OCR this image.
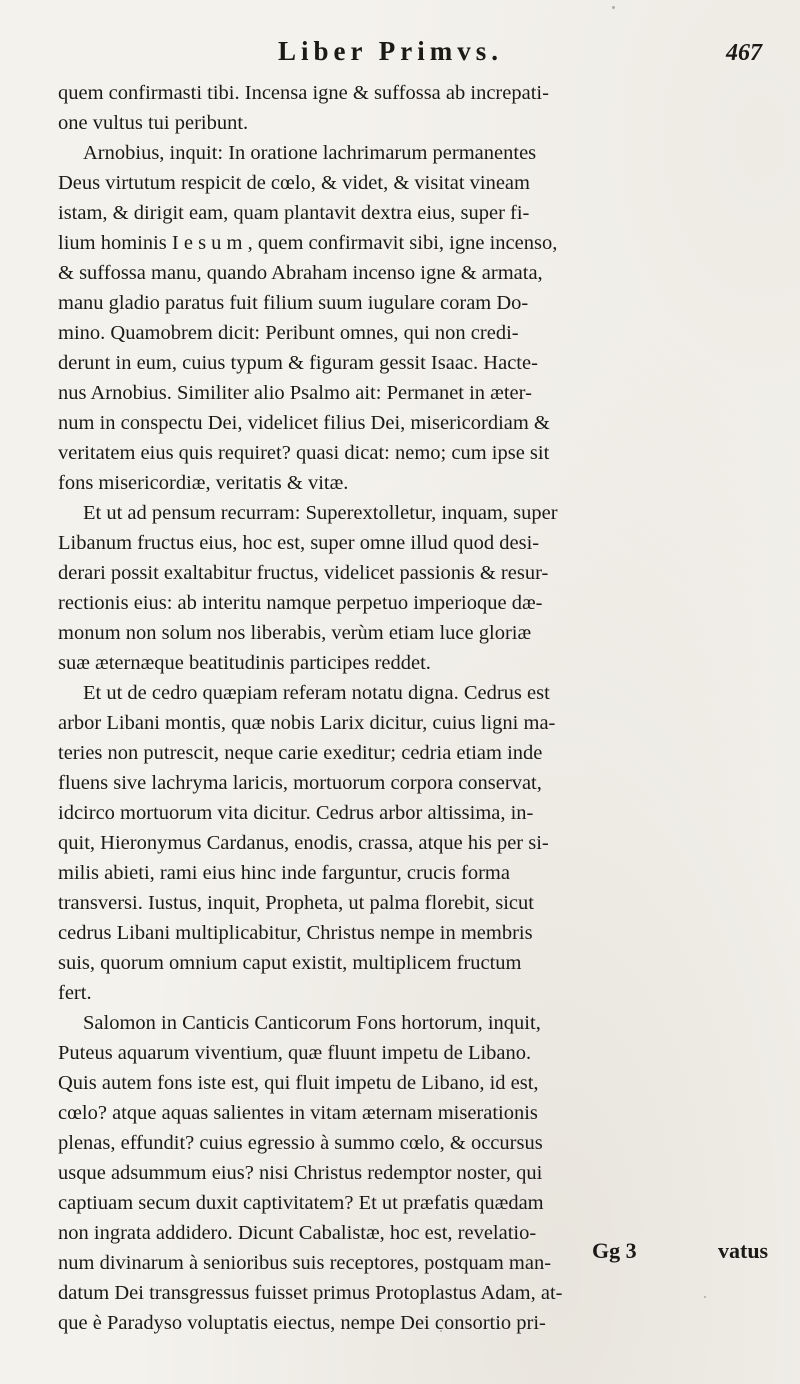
Liber Primvs.	467
quem confirmasti tibi. Incensa igne & suffossa ab increpati-
one vultus tui peribunt.
Arnobius, inquit: In oratione lachrimarum permanentes
Deus virtutum respicit de cœlo, & videt, & visitat vineam
istam, & dirigit eam, quam plantavit dextra eius, super fi-
lium hominis I e s u m , quem confirmavit sibi, igne incenso,
& suffossa manu, quando Abraham incenso igne & armata,
manu gladio paratus fuit filium suum iugulare coram Do-
mino. Quamobrem dicit: Peribunt omnes, qui non credi-
derunt in eum, cuius typum & figuram gessit Isaac. Hacte-
nus Arnobius. Similiter alio Psalmo ait: Permanet in æter-
num in conspectu Dei, videlicet filius Dei, misericordiam &
veritatem eius quis requiret? quasi dicat: nemo; cum ipse sit
fons misericordiæ, veritatis & vitæ.
Et ut ad pensum recurram: Superextolletur, inquam, super
Libanum fructus eius, hoc est, super omne illud quod desi-
derari possit exaltabitur fructus, videlicet passionis & resur-
rectionis eius: ab interitu namque perpetuo imperioque dæ-
monum non solum nos liberabis, verùm etiam luce gloriæ
suæ æternæque beatitudinis participes reddet.
Et ut de cedro quæpiam referam notatu digna. Cedrus est
arbor Libani montis, quæ nobis Larix dicitur, cuius ligni ma-
teries non putrescit, neque carie exeditur; cedria etiam inde
fluens sive lachryma laricis, mortuorum corpora conservat,
idcirco mortuorum vita dicitur. Cedrus arbor altissima, in-
quit, Hieronymus Cardanus, enodis, crassa, atque his per si-
milis abieti, rami eius hinc inde farguntur, crucis forma
transversi. Iustus, inquit, Propheta, ut palma florebit, sicut
cedrus Libani multiplicabitur, Christus nempe in membris
suis, quorum omnium caput existit, multiplicem fructum
fert.
Salomon in Canticis Canticorum Fons hortorum, inquit,
Puteus aquarum viventium, quæ fluunt impetu de Libano.
Quis autem fons iste est, qui fluit impetu de Libano, id est,
cœlo? atque aquas salientes in vitam æternam miserationis
plenas, effundit? cuius egressio à summo cœlo, & occursus
usque adsummum eius? nisi Christus redemptor noster, qui
captiuam secum duxit captivitatem? Et ut præfatis quædam
non ingrata addidero. Dicunt Cabalistæ, hoc est, revelatio-
num divinarum à senioribus suis receptores, postquam man-
datum Dei transgressus fuisset primus Protoplastus Adam, at-
que è Paradyso voluptatis eiectus, nempe Dei consortio pri-
Gg 3	vatus
